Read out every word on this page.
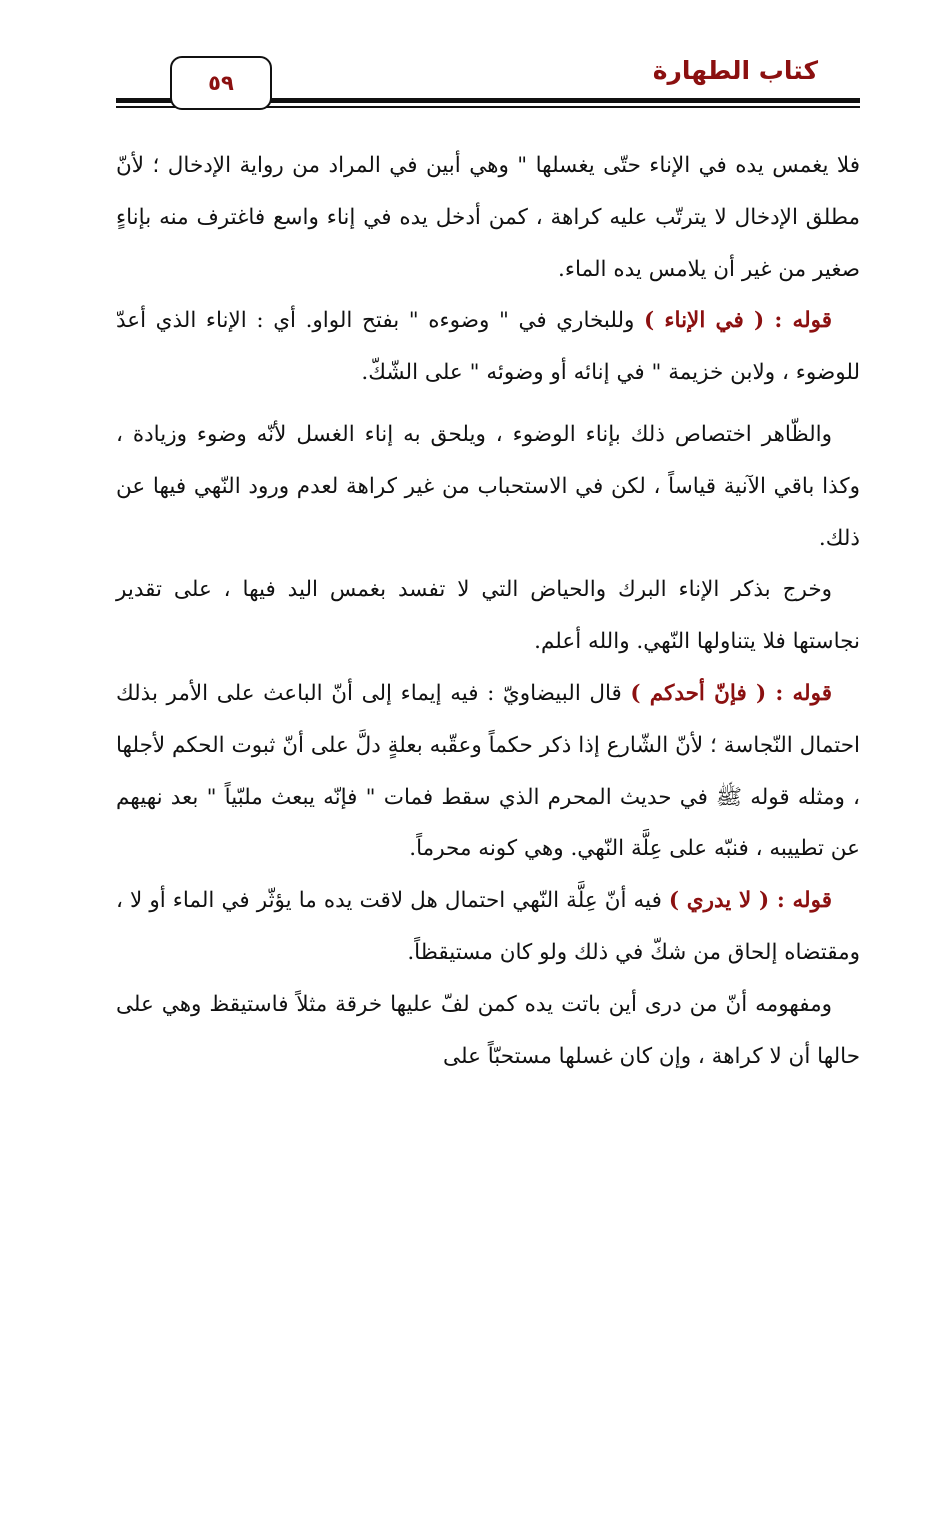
كتاب الطهارة
٥٩

فلا يغمس يده في الإناء حتّى يغسلها " وهي أبين في المراد من رواية الإدخال ؛ لأنّ مطلق الإدخال لا يترتّب عليه كراهة ، كمن أدخل يده في إناء واسع فاغترف منه بإناءٍ صغير من غير أن يلامس يده الماء.

قوله : ( في الإناء ) وللبخاري في " وضوءه " بفتح الواو. أي : الإناء الذي أعدّ للوضوء ، ولابن خزيمة " في إنائه أو وضوئه " على الشّكّ.

والظّاهر اختصاص ذلك بإناء الوضوء ، ويلحق به إناء الغسل لأنّه وضوء وزيادة ، وكذا باقي الآنية قياساً ، لكن في الاستحباب من غير كراهة لعدم ورود النّهي فيها عن ذلك.

وخرج بذكر الإناء البرك والحياض التي لا تفسد بغمس اليد فيها ، على تقدير نجاستها فلا يتناولها النّهي. والله أعلم.

قوله : ( فإنّ أحدكم ) قال البيضاويّ : فيه إيماء إلى أنّ الباعث على الأمر بذلك احتمال النّجاسة ؛ لأنّ الشّارع إذا ذكر حكماً وعقّبه بعلةٍ دلَّ على أنّ ثبوت الحكم لأجلها ، ومثله قوله ﷺ في حديث المحرم الذي سقط فمات " فإنّه يبعث ملبّياً " بعد نهيهم عن تطييبه ، فنبّه على عِلَّة النّهي. وهي كونه محرماً.

قوله : ( لا يدري ) فيه أنّ عِلَّة النّهي احتمال هل لاقت يده ما يؤثّر في الماء أو لا ، ومقتضاه إلحاق من شكّ في ذلك ولو كان مستيقظاً.

ومفهومه أنّ من درى أين باتت يده كمن لفّ عليها خرقة مثلاً فاستيقظ وهي على حالها أن لا كراهة ، وإن كان غسلها مستحبّاً على
